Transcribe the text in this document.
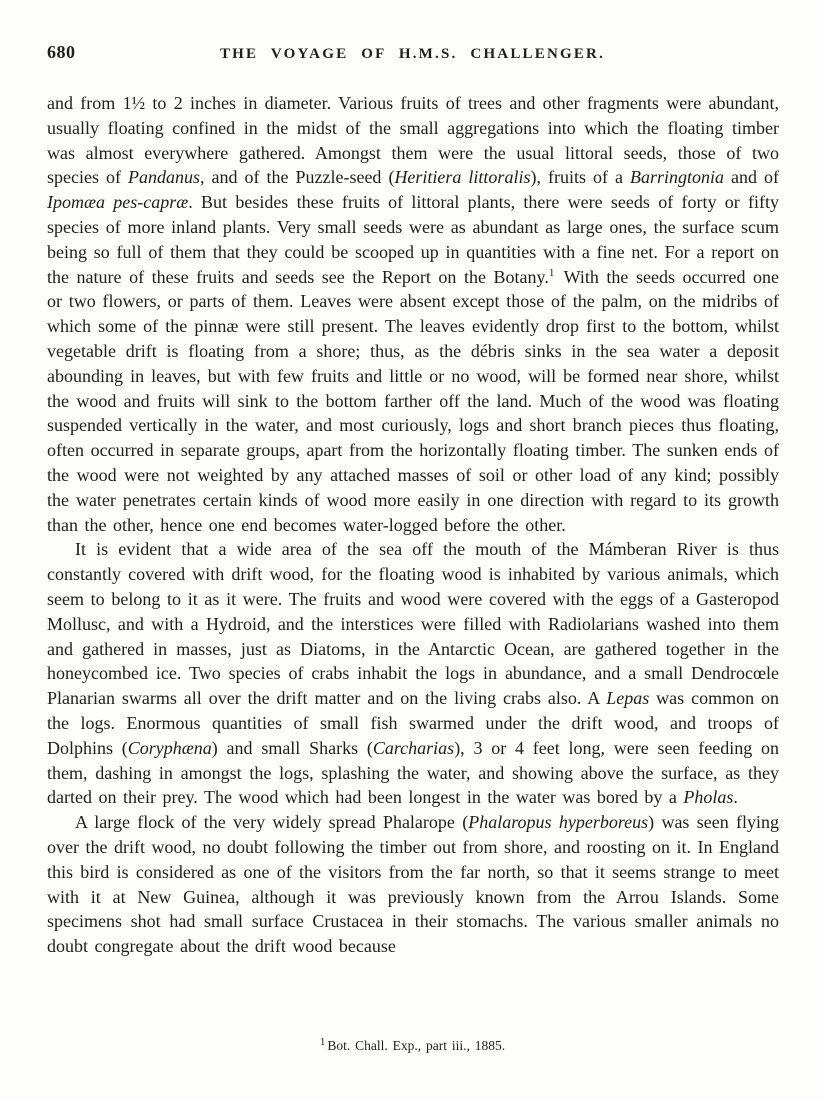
680	THE VOYAGE OF H.M.S. CHALLENGER.

and from 1½ to 2 inches in diameter. Various fruits of trees and other fragments were abundant, usually floating confined in the midst of the small aggregations into which the floating timber was almost everywhere gathered. Amongst them were the usual littoral seeds, those of two species of Pandanus, and of the Puzzle-seed (Heritiera littoralis), fruits of a Barringtonia and of Ipomæa pes-capræ. But besides these fruits of littoral plants, there were seeds of forty or fifty species of more inland plants. Very small seeds were as abundant as large ones, the surface scum being so full of them that they could be scooped up in quantities with a fine net. For a report on the nature of these fruits and seeds see the Report on the Botany.$^1$ With the seeds occurred one or two flowers, or parts of them. Leaves were absent except those of the palm, on the midribs of which some of the pinnæ were still present. The leaves evidently drop first to the bottom, whilst vegetable drift is floating from a shore; thus, as the débris sinks in the sea water a deposit abounding in leaves, but with few fruits and little or no wood, will be formed near shore, whilst the wood and fruits will sink to the bottom farther off the land. Much of the wood was floating suspended vertically in the water, and most curiously, logs and short branch pieces thus floating, often occurred in separate groups, apart from the horizontally floating timber. The sunken ends of the wood were not weighted by any attached masses of soil or other load of any kind; possibly the water penetrates certain kinds of wood more easily in one direction with regard to its growth than the other, hence one end becomes water-logged before the other.

It is evident that a wide area of the sea off the mouth of the Mámberan River is thus constantly covered with drift wood, for the floating wood is inhabited by various animals, which seem to belong to it as it were. The fruits and wood were covered with the eggs of a Gasteropod Mollusc, and with a Hydroid, and the interstices were filled with Radiolarians washed into them and gathered in masses, just as Diatoms, in the Antarctic Ocean, are gathered together in the honeycombed ice. Two species of crabs inhabit the logs in abundance, and a small Dendrocœle Planarian swarms all over the drift matter and on the living crabs also. A Lepas was common on the logs. Enormous quantities of small fish swarmed under the drift wood, and troops of Dolphins (Coryphæna) and small Sharks (Carcharias), 3 or 4 feet long, were seen feeding on them, dashing in amongst the logs, splashing the water, and showing above the surface, as they darted on their prey. The wood which had been longest in the water was bored by a Pholas.

A large flock of the very widely spread Phalarope (Phalaropus hyperboreus) was seen flying over the drift wood, no doubt following the timber out from shore, and roosting on it. In England this bird is considered as one of the visitors from the far north, so that it seems strange to meet with it at New Guinea, although it was previously known from the Arrou Islands. Some specimens shot had small surface Crustacea in their stomachs. The various smaller animals no doubt congregate about the drift wood because

$^1$ Bot. Chall. Exp., part iii., 1885.
